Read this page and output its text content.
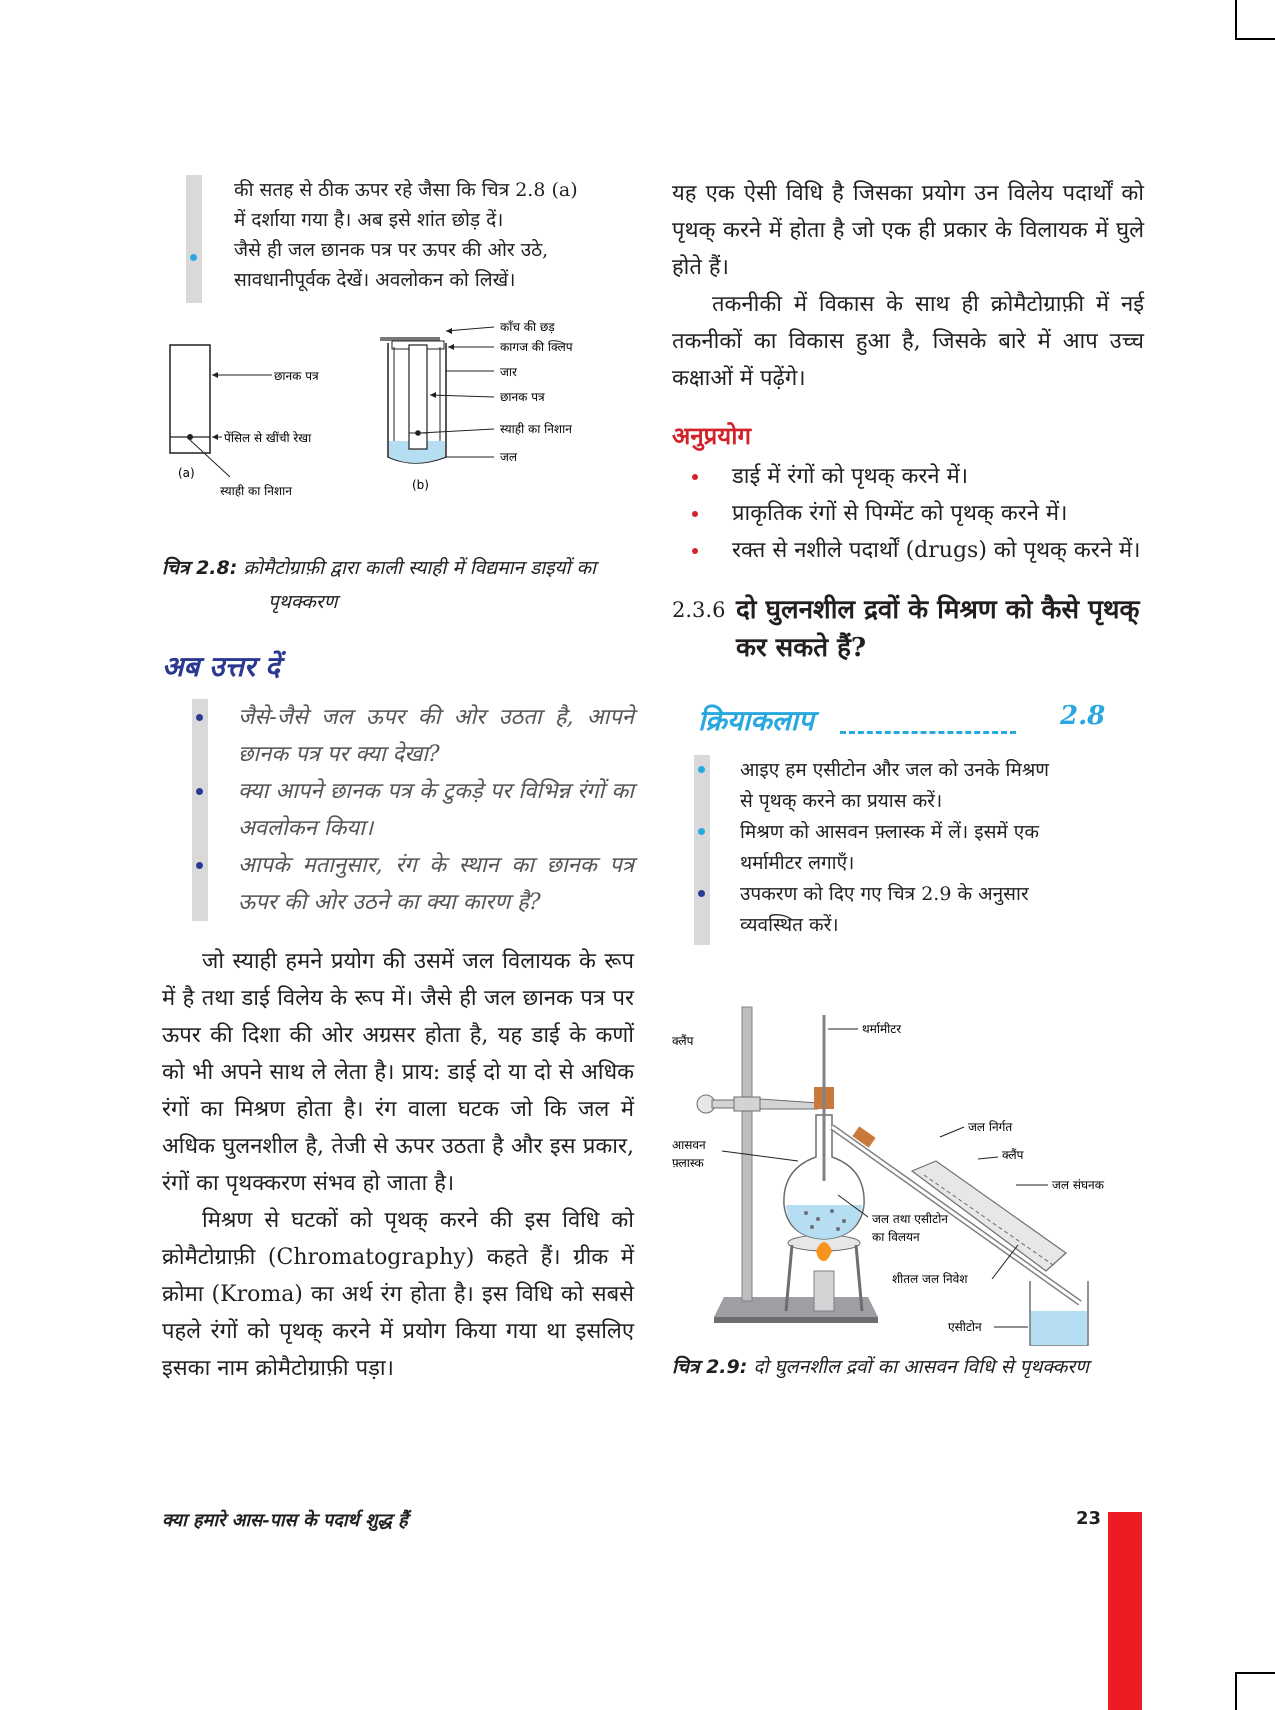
की सतह से ठीक ऊपर रहे जैसा कि चित्र 2.8 (a)

में दर्शाया गया है। अब इसे शांत छोड़ दें।

जैसे ही जल छानक पत्र पर ऊपर की ओर उठे,

सावधानीपूर्वक देखें। अवलोकन को लिखें।

छानक पत्र
पेंसिल से खींची रेखा
स्याही का निशान
(a)
काँच की छड़
कागज की क्लिप
जार
छानक पत्र
स्याही का निशान
जल
(b)

चित्र 2.8: क्रोमैटोग्राफ़ी द्वारा काली स्याही में विद्यमान डाइयों का पृथक्करण

अब उत्तर दें

जैसे-जैसे जल ऊपर की ओर उठता है, आपने छानक पत्र पर क्या देखा?

क्या आपने छानक पत्र के टुकड़े पर विभिन्न रंगों का अवलोकन किया।

आपके मतानुसार, रंग के स्थान का छानक पत्र ऊपर की ओर उठने का क्या कारण है?

जो स्याही हमने प्रयोग की उसमें जल विलायक के रूप में है तथा डाई विलेय के रूप में। जैसे ही जल छानक पत्र पर ऊपर की दिशा की ओर अग्रसर होता है, यह डाई के कणों को भी अपने साथ ले लेता है। प्राय: डाई दो या दो से अधिक रंगों का मिश्रण होता है। रंग वाला घटक जो कि जल में अधिक घुलनशील है, तेजी से ऊपर उठता है और इस प्रकार, रंगों का पृथक्करण संभव हो जाता है।

मिश्रण से घटकों को पृथक् करने की इस विधि को क्रोमैटोग्राफ़ी (Chromatography) कहते हैं। ग्रीक में क्रोमा (Kroma) का अर्थ रंग होता है। इस विधि को सबसे पहले रंगों को पृथक् करने में प्रयोग किया गया था इसलिए इसका नाम क्रोमैटोग्राफ़ी पड़ा।

यह एक ऐसी विधि है जिसका प्रयोग उन विलेय पदार्थों को पृथक् करने में होता है जो एक ही प्रकार के विलायक में घुले होते हैं।

तकनीकी में विकास के साथ ही क्रोमैटोग्राफ़ी में नई तकनीकों का विकास हुआ है, जिसके बारे में आप उच्च कक्षाओं में पढ़ेंगे।

अनुप्रयोग

डाई में रंगों को पृथक् करने में।

प्राकृतिक रंगों से पिग्मेंट को पृथक् करने में।

रक्त से नशीले पदार्थों (drugs) को पृथक् करने में।

2.3.6 दो घुलनशील द्रवों के मिश्रण को कैसे पृथक् कर सकते हैं?
क्रियाकलाप	2.8

आइए हम एसीटोन और जल को उनके मिश्रण

से पृथक् करने का प्रयास करें।

मिश्रण को आसवन फ़्लास्क में लें। इसमें एक

थर्मामीटर लगाएँ।

उपकरण को दिए गए चित्र 2.9 के अनुसार

व्यवस्थित करें।

थर्मामीटर
क्लैंप
आसवन
फ़्लास्क
जल निर्गत
क्लैंप
जल संघनक
जल तथा एसीटोन
का विलयन
शीतल जल निवेश
एसीटोन

चित्र 2.9: दो घुलनशील द्रवों का आसवन विधि से पृथक्करण

क्या हमारे आस-पास के पदार्थ शुद्ध हैं	23
